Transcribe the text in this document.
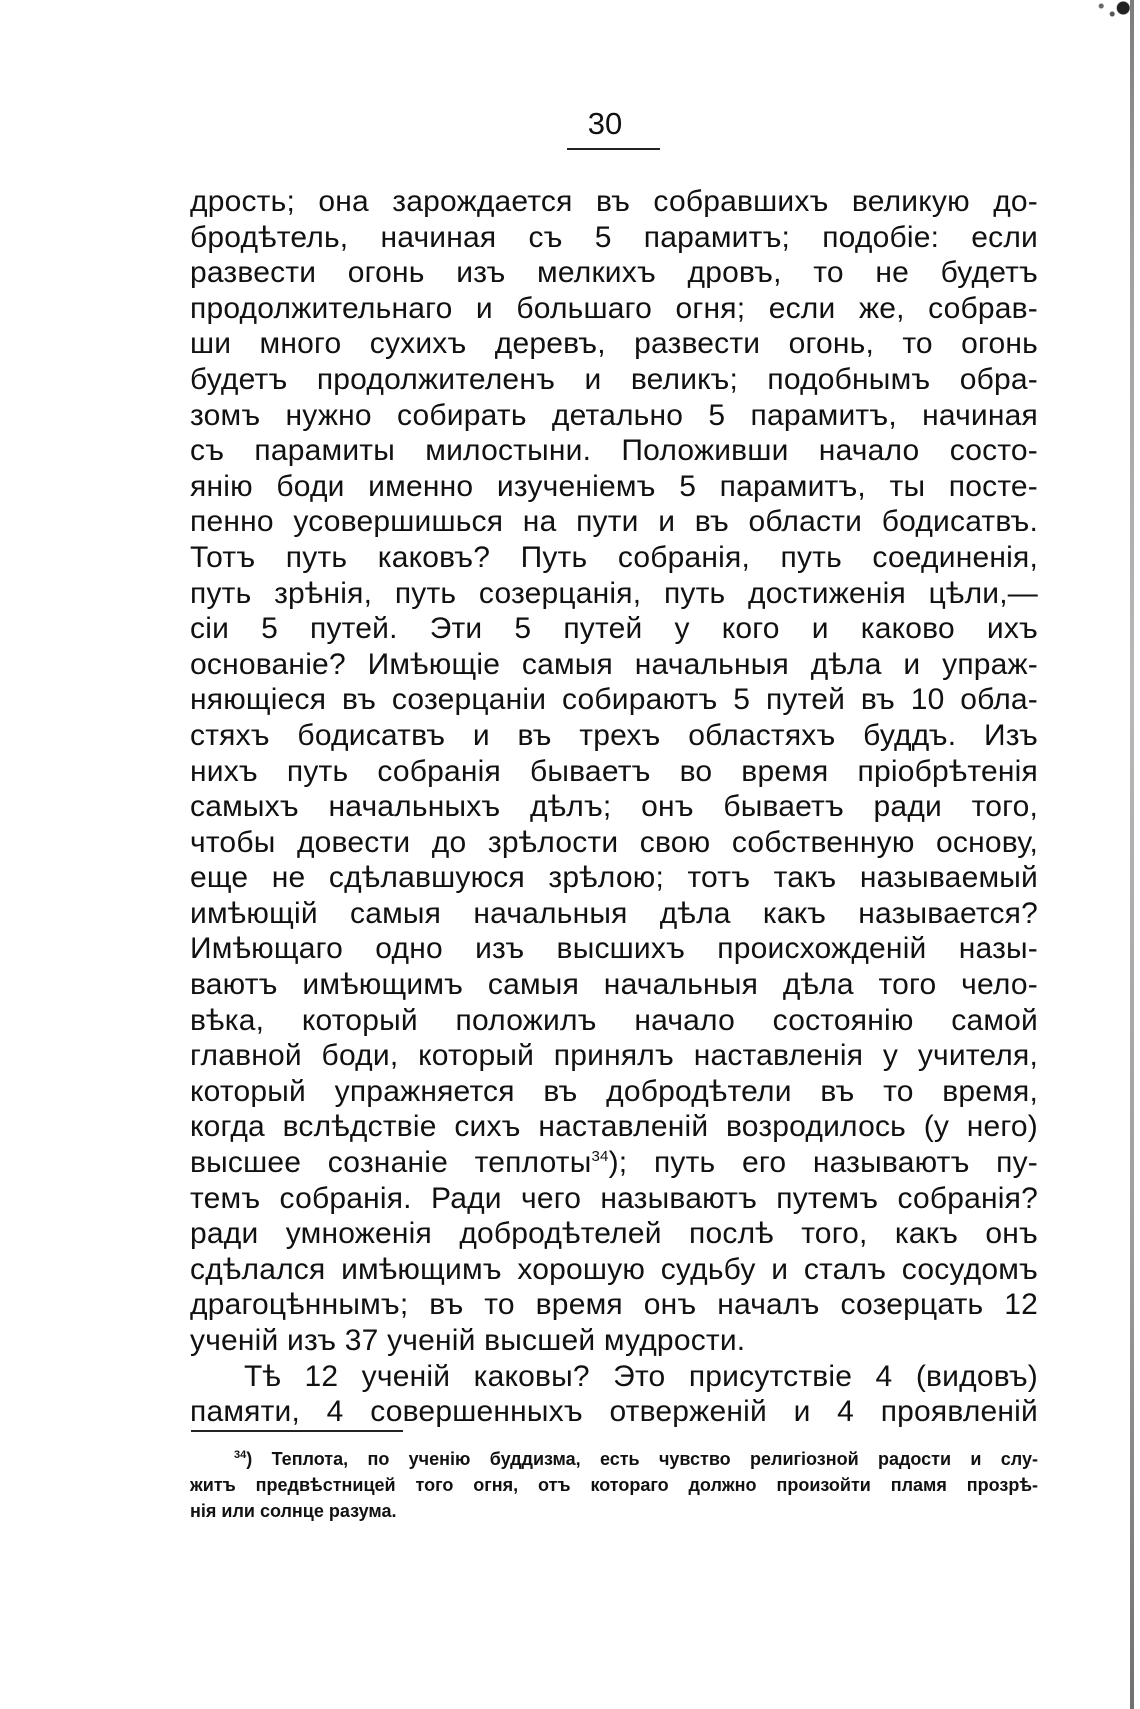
30
дрость; она зарождается въ собравшихъ великую до-
бродѣтель, начиная съ 5 парамитъ; подобіе: если
развести огонь изъ мелкихъ дровъ, то не будетъ
продолжительнаго и большаго огня; если же, собрав-
ши много сухихъ деревъ, развести огонь, то огонь
будетъ продолжителенъ и великъ; подобнымъ обра-
зомъ нужно собирать детально 5 парамитъ, начиная
съ парамиты милостыни. Положивши начало состо-
янію боди именно изученіемъ 5 парамитъ, ты посте-
пенно усовершишься на пути и въ области бодисатвъ.
Тотъ путь каковъ? Путь собранія, путь соединенія,
путь зрѣнія, путь созерцанія, путь достиженія цѣли,—
сіи 5 путей. Эти 5 путей у кого и каково ихъ
основаніе? Имѣющіе самыя начальныя дѣла и упраж-
няющіеся въ созерцаніи собираютъ 5 путей въ 10 обла-
стяхъ бодисатвъ и въ трехъ областяхъ буддъ. Изъ
нихъ путь собранія бываетъ во время пріобрѣтенія
самыхъ начальныхъ дѣлъ; онъ бываетъ ради того,
чтобы довести до зрѣлости свою собственную основу,
еще не сдѣлавшуюся зрѣлою; тотъ такъ называемый
имѣющій самыя начальныя дѣла какъ называется?
Имѣющаго одно изъ высшихъ происхожденій назы-
ваютъ имѣющимъ самыя начальныя дѣла того чело-
вѣка, который положилъ начало состоянію самой
главной боди, который принялъ наставленія у учителя,
который упражняется въ добродѣтели въ то время,
когда вслѣдствіе сихъ наставленій возродилось (у него)
высшее сознаніе теплоты$^{34}$); путь его называютъ пу-
темъ собранія. Ради чего называютъ путемъ собранія?
ради умноженія добродѣтелей послѣ того, какъ онъ
сдѣлался имѣющимъ хорошую судьбу и сталъ сосудомъ
драгоцѣннымъ; въ то время онъ началъ созерцать 12
ученій изъ 37 ученій высшей мудрости.
Тѣ 12 ученій каковы? Это присутствіе 4 (видовъ)
памяти, 4 совершенныхъ отверженій и 4 проявленій
$^{34}$) Теплота, по ученію буддизма, есть чувство религіозной радости и слу-
житъ предвѣстницей того огня, отъ котораго должно произойти пламя прозрѣ-
нія или солнце разума.
